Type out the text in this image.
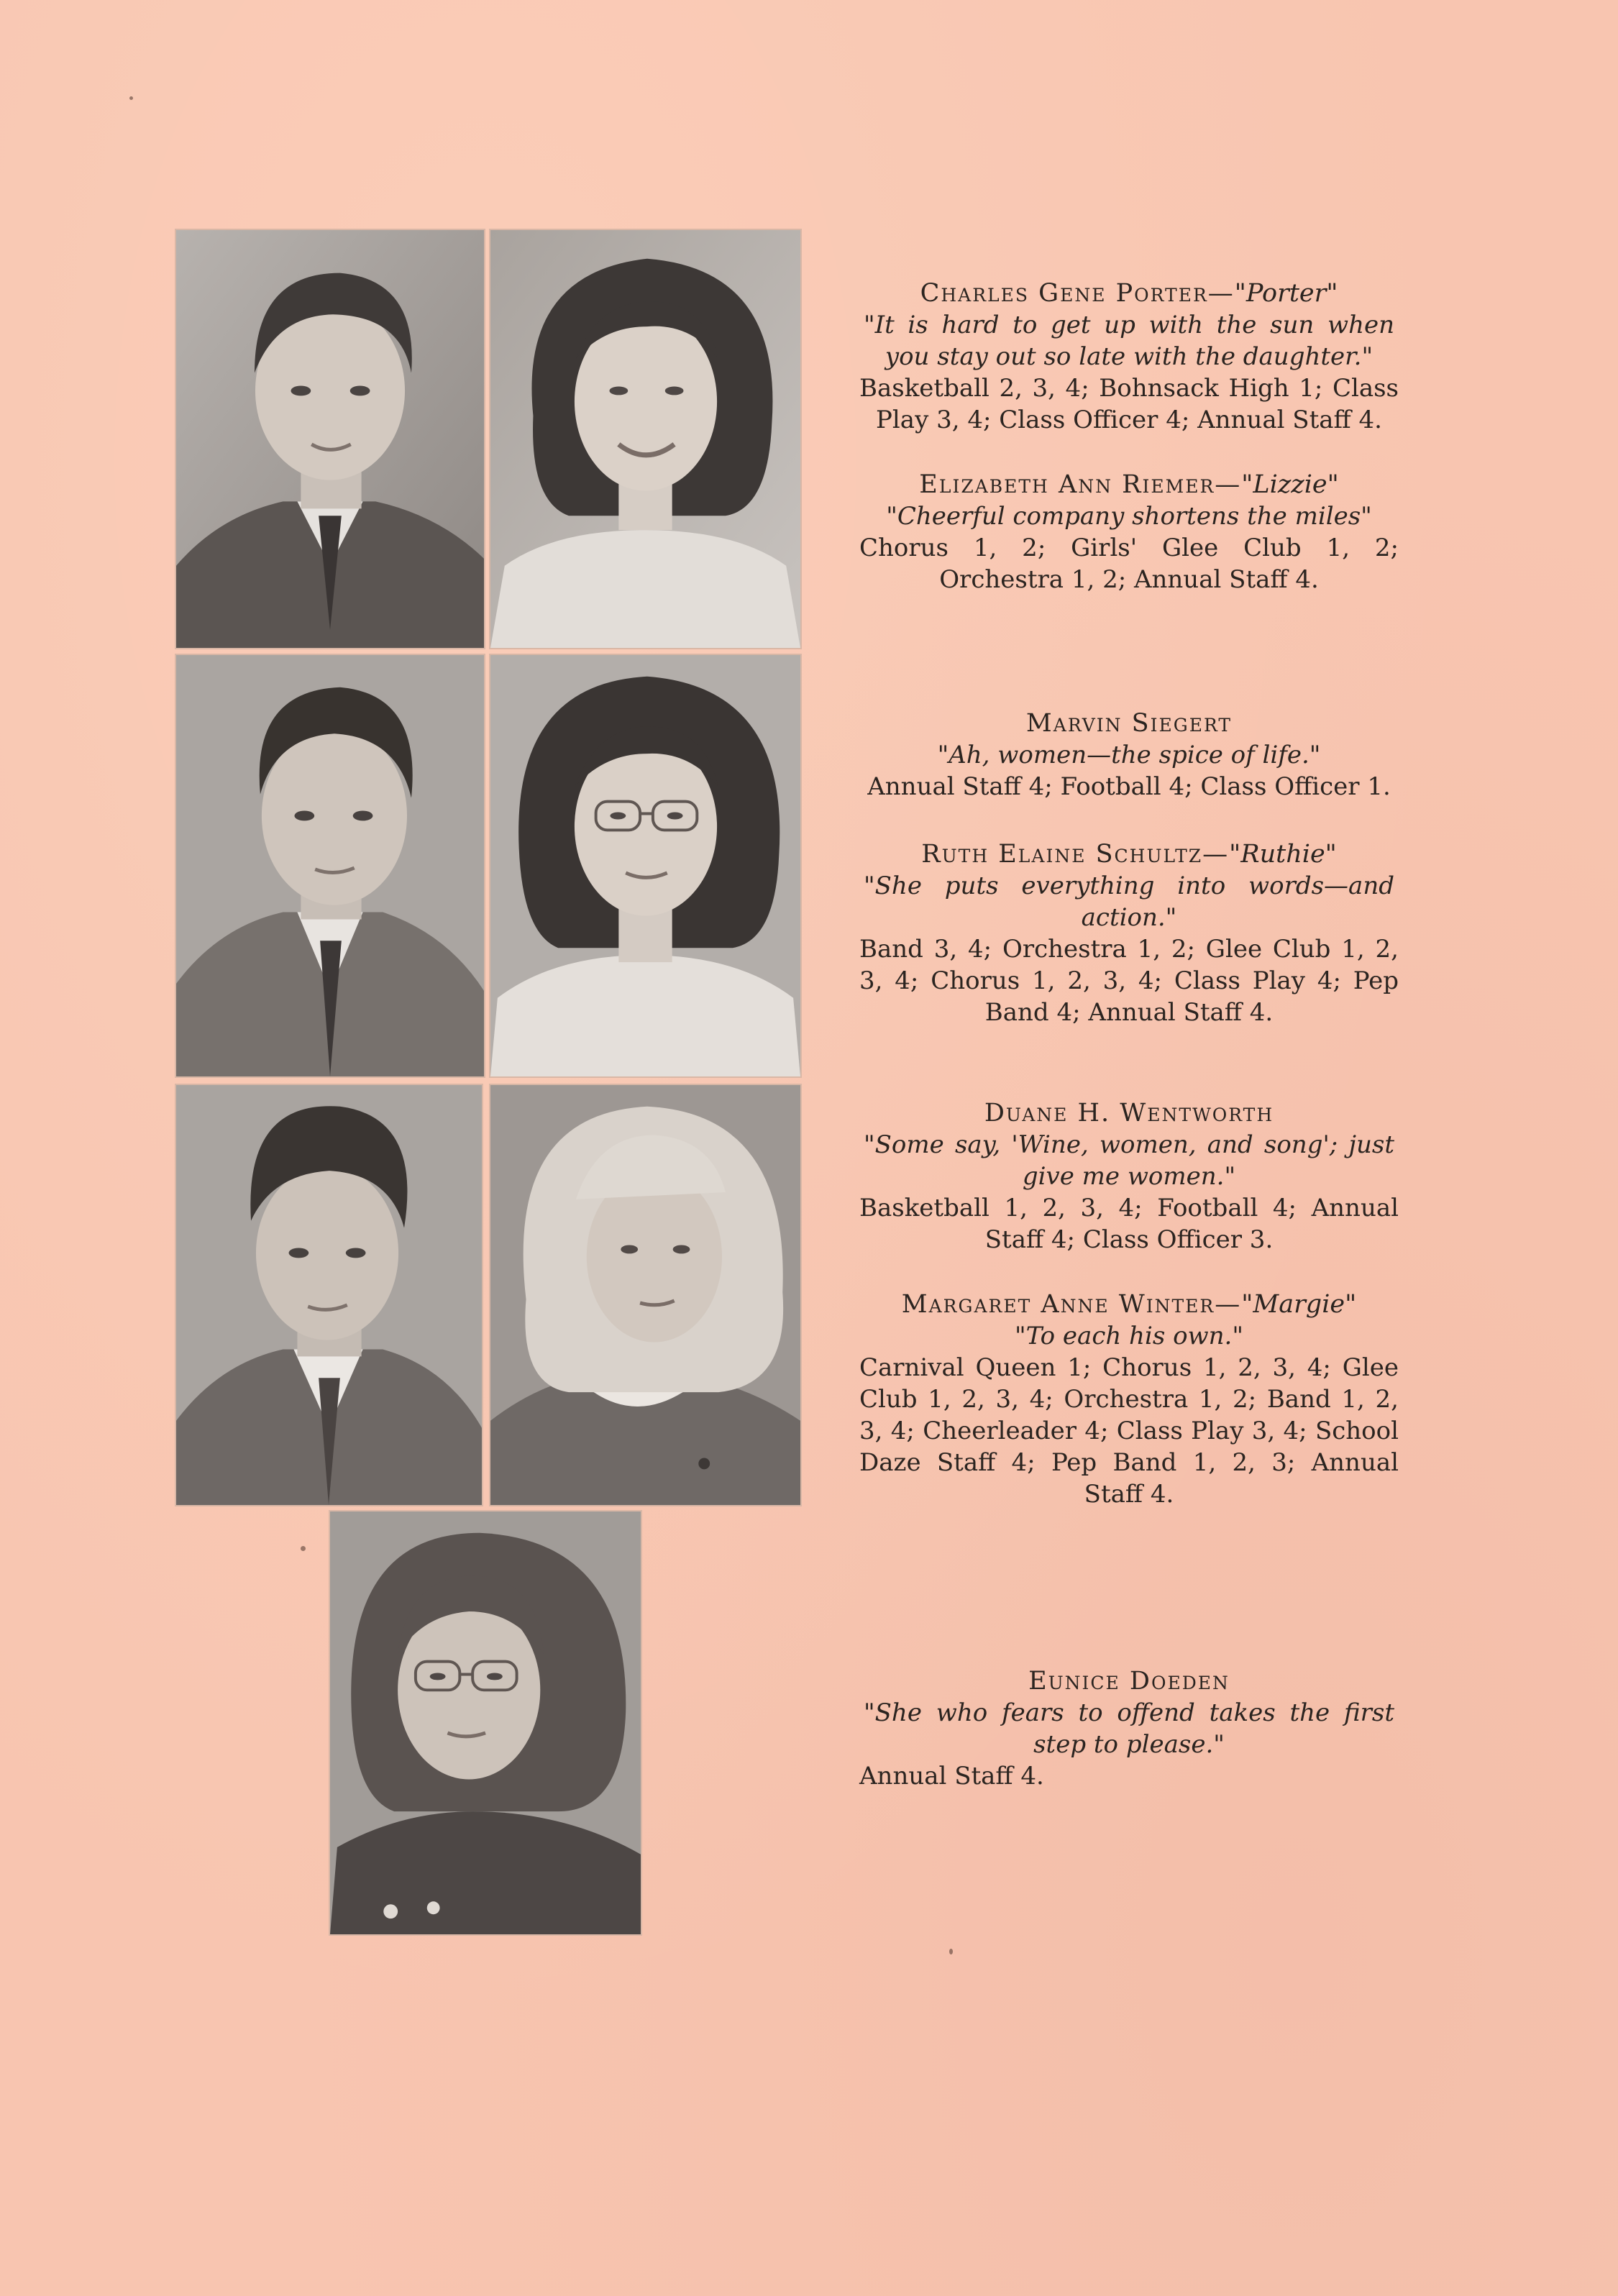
Charles Gene Porter—"Porter"
"It is hard to get up with the sun when you stay out so late with the daughter."
Basketball 2, 3, 4; Bohnsack High 1; Class Play 3, 4; Class Officer 4; Annual Staff 4.
Elizabeth Ann Riemer—"Lizzie"
"Cheerful company shortens the miles"
Chorus 1, 2; Girls' Glee Club 1, 2; Orchestra 1, 2; Annual Staff 4.
Marvin Siegert
"Ah, women—the spice of life."
Annual Staff 4; Football 4; Class Officer 1.
Ruth Elaine Schultz—"Ruthie"
"She puts everything into words—and action."
Band 3, 4; Orchestra 1, 2; Glee Club 1, 2, 3, 4; Chorus 1, 2, 3, 4; Class Play 4; Pep Band 4; Annual Staff 4.
Duane H. Wentworth
"Some say, 'Wine, women, and song'; just give me women."
Basketball 1, 2, 3, 4; Football 4; Annual Staff 4; Class Officer 3.
Margaret Anne Winter—"Margie"
"To each his own."
Carnival Queen 1; Chorus 1, 2, 3, 4; Glee Club 1, 2, 3, 4; Orchestra 1, 2; Band 1, 2, 3, 4; Cheerleader 4; Class Play 3, 4; School Daze Staff 4; Pep Band 1, 2, 3; Annual Staff 4.
Eunice Doeden
"She who fears to offend takes the first step to please."
Annual Staff 4.
